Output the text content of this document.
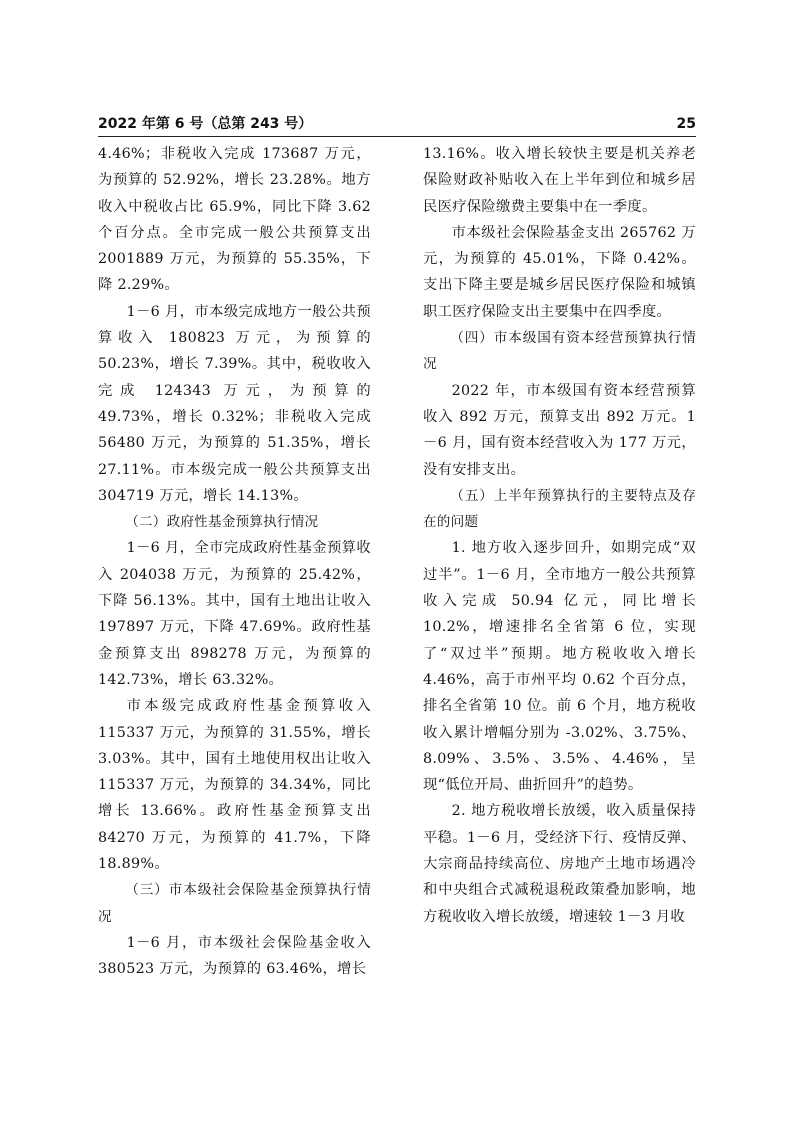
2022 年第 6 号（总第 243 号）	25

4.46%；非税收入完成 173687 万元，为预算的 52.92%，增长 23.28%。地方收入中税收占比 65.9%，同比下降 3.62 个百分点。全市完成一般公共预算支出 2001889 万元，为预算的 55.35%，下降 2.29%。

1－6 月，市本级完成地方一般公共预算收入 180823 万元，为预算的 50.23%，增长 7.39%。其中，税收收入完成 124343 万元，为预算的 49.73%，增长 0.32%；非税收入完成 56480 万元，为预算的 51.35%，增长 27.11%。市本级完成一般公共预算支出 304719 万元，增长 14.13%。

（二）政府性基金预算执行情况

1－6 月，全市完成政府性基金预算收入 204038 万元，为预算的 25.42%，下降 56.13%。其中，国有土地出让收入 197897 万元，下降 47.69%。政府性基金预算支出 898278 万元，为预算的 142.73%，增长 63.32%。

市本级完成政府性基金预算收入 115337 万元，为预算的 31.55%，增长 3.03%。其中，国有土地使用权出让收入 115337 万元，为预算的 34.34%，同比增长 13.66%。政府性基金预算支出 84270 万元，为预算的 41.7%，下降 18.89%。

（三）市本级社会保险基金预算执行情况

1－6 月，市本级社会保险基金收入 380523 万元，为预算的 63.46%，增长

13.16%。收入增长较快主要是机关养老保险财政补贴收入在上半年到位和城乡居民医疗保险缴费主要集中在一季度。

市本级社会保险基金支出 265762 万元，为预算的 45.01%，下降 0.42%。支出下降主要是城乡居民医疗保险和城镇职工医疗保险支出主要集中在四季度。

（四）市本级国有资本经营预算执行情况

2022 年，市本级国有资本经营预算收入 892 万元，预算支出 892 万元。1－6 月，国有资本经营收入为 177 万元，没有安排支出。

（五）上半年预算执行的主要特点及存在的问题

1. 地方收入逐步回升，如期完成“双过半”。1－6 月，全市地方一般公共预算收入完成 50.94 亿元，同比增长 10.2%，增速排名全省第 6 位，实现了“双过半”预期。地方税收收入增长 4.46%，高于市州平均 0.62 个百分点，排名全省第 10 位。前 6 个月，地方税收收入累计增幅分别为 -3.02%、3.75%、8.09%、3.5%、3.5%、4.46%，呈现“低位开局、曲折回升”的趋势。

2. 地方税收增长放缓，收入质量保持平稳。1－6 月，受经济下行、疫情反弹、大宗商品持续高位、房地产土地市场遇冷和中央组合式减税退税政策叠加影响，地方税收收入增长放缓，增速较 1－3 月收
